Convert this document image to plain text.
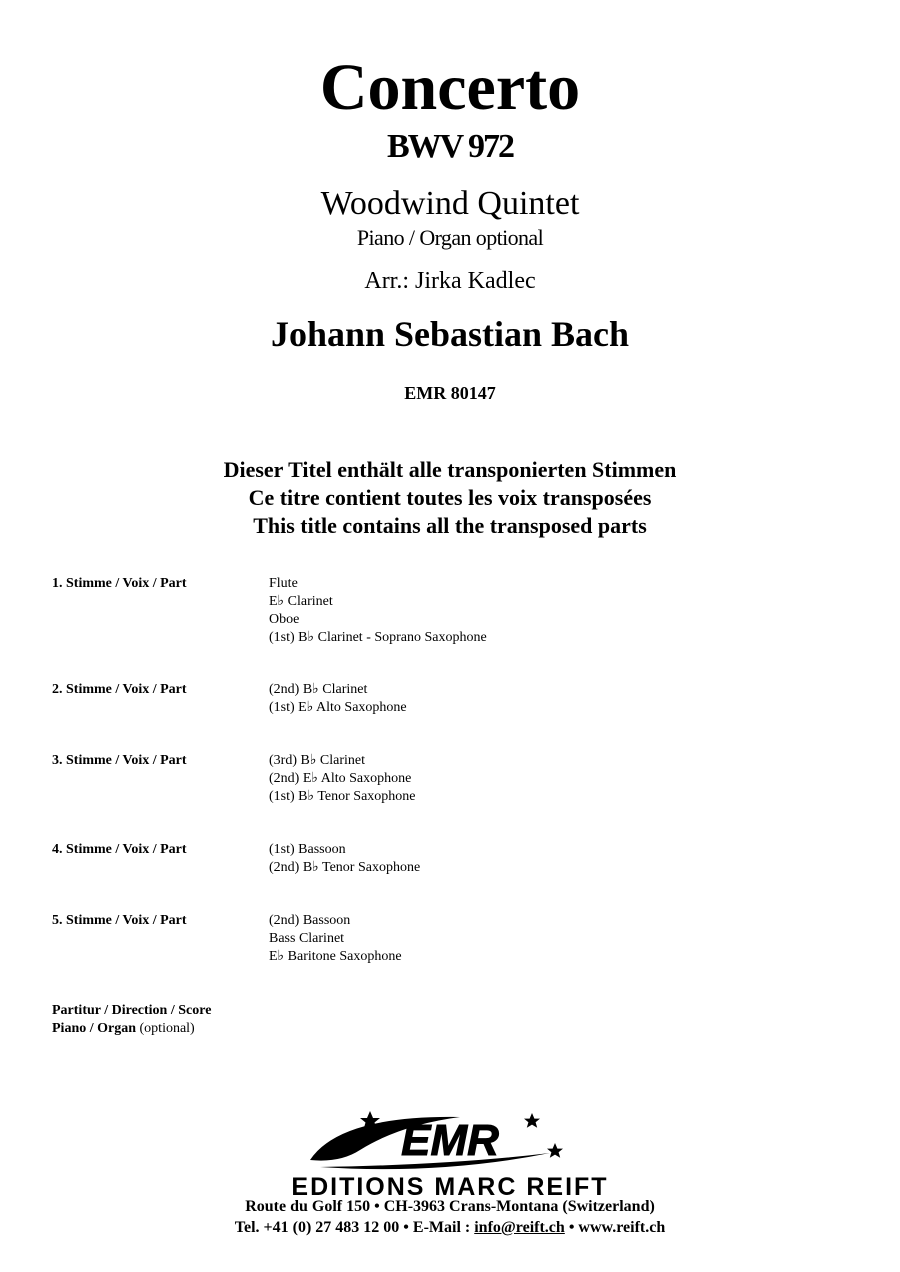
Concerto
BWV 972
Woodwind Quintet
Piano / Organ optional
Arr.: Jirka Kadlec
Johann Sebastian Bach
EMR 80147
Dieser Titel enthält alle transponierten Stimmen
Ce titre contient toutes les voix transposées
This title contains all the transposed parts
1. Stimme / Voix / Part	Flute
E♭ Clarinet
Oboe
(1st) B♭ Clarinet - Soprano Saxophone
2. Stimme / Voix / Part	(2nd) B♭ Clarinet
(1st) E♭ Alto Saxophone
3. Stimme / Voix / Part	(3rd) B♭ Clarinet
(2nd) E♭ Alto Saxophone
(1st) B♭ Tenor Saxophone
4. Stimme / Voix / Part	(1st) Bassoon
(2nd) B♭ Tenor Saxophone
5. Stimme / Voix / Part	(2nd) Bassoon
Bass Clarinet
E♭ Baritone Saxophone
Partitur / Direction / Score
Piano / Organ (optional)
EMR
EDITIONS MARC REIFT
Route du Golf 150 • CH-3963 Crans-Montana (Switzerland)
Tel. +41 (0) 27 483 12 00 • E-Mail : info@reift.ch • www.reift.ch
